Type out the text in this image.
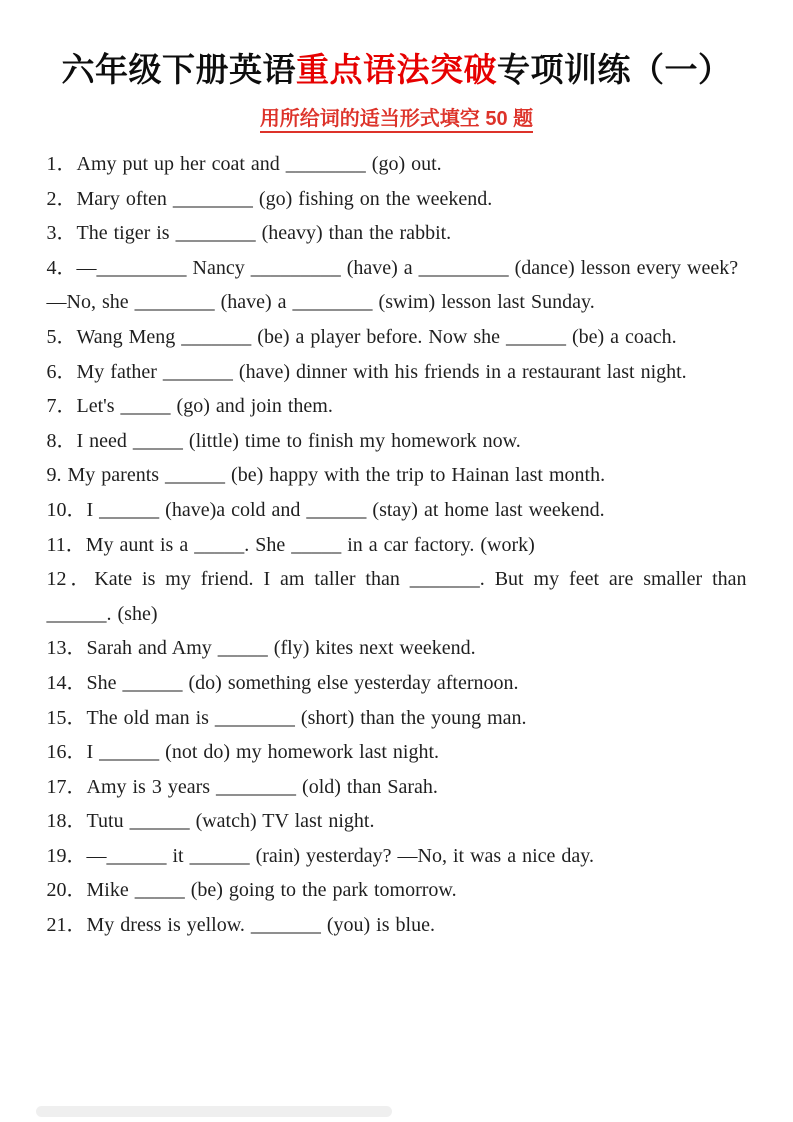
六年级下册英语重点语法突破专项训练（一）
用所给词的适当形式填空 50 题

1．Amy put up her coat and ________ (go) out.

2．Mary often ________ (go) fishing on the weekend.

3．The tiger is ________ (heavy) than the rabbit.

4．—_________ Nancy _________ (have) a _________ (dance) lesson every week?
—No, she ________ (have) a ________ (swim) lesson last Sunday.

5．Wang Meng _______ (be) a player before. Now she ______ (be) a coach.

6．My father _______ (have) dinner with his friends in a restaurant last night.

7．Let's _____ (go) and join them.

8．I need _____ (little) time to finish my homework now.

9. My parents ______ (be) happy with the trip to Hainan last month.

10．I ______ (have)a cold and ______ (stay) at home last weekend.

11．My aunt is a _____. She _____ in a car factory. (work)

12．Kate is my friend. I am taller than _______. But my feet are smaller than ______. (she)

13．Sarah and Amy _____ (fly) kites next weekend.

14．She ______ (do) something else yesterday afternoon.

15．The old man is ________ (short) than the young man.

16．I ______ (not do) my homework last night.

17．Amy is 3 years ________ (old) than Sarah.

18．Tutu ______ (watch) TV last night.

19．—______ it ______ (rain) yesterday? —No, it was a nice day.

20．Mike _____ (be) going to the park tomorrow.

21．My dress is yellow. _______ (you) is blue.
